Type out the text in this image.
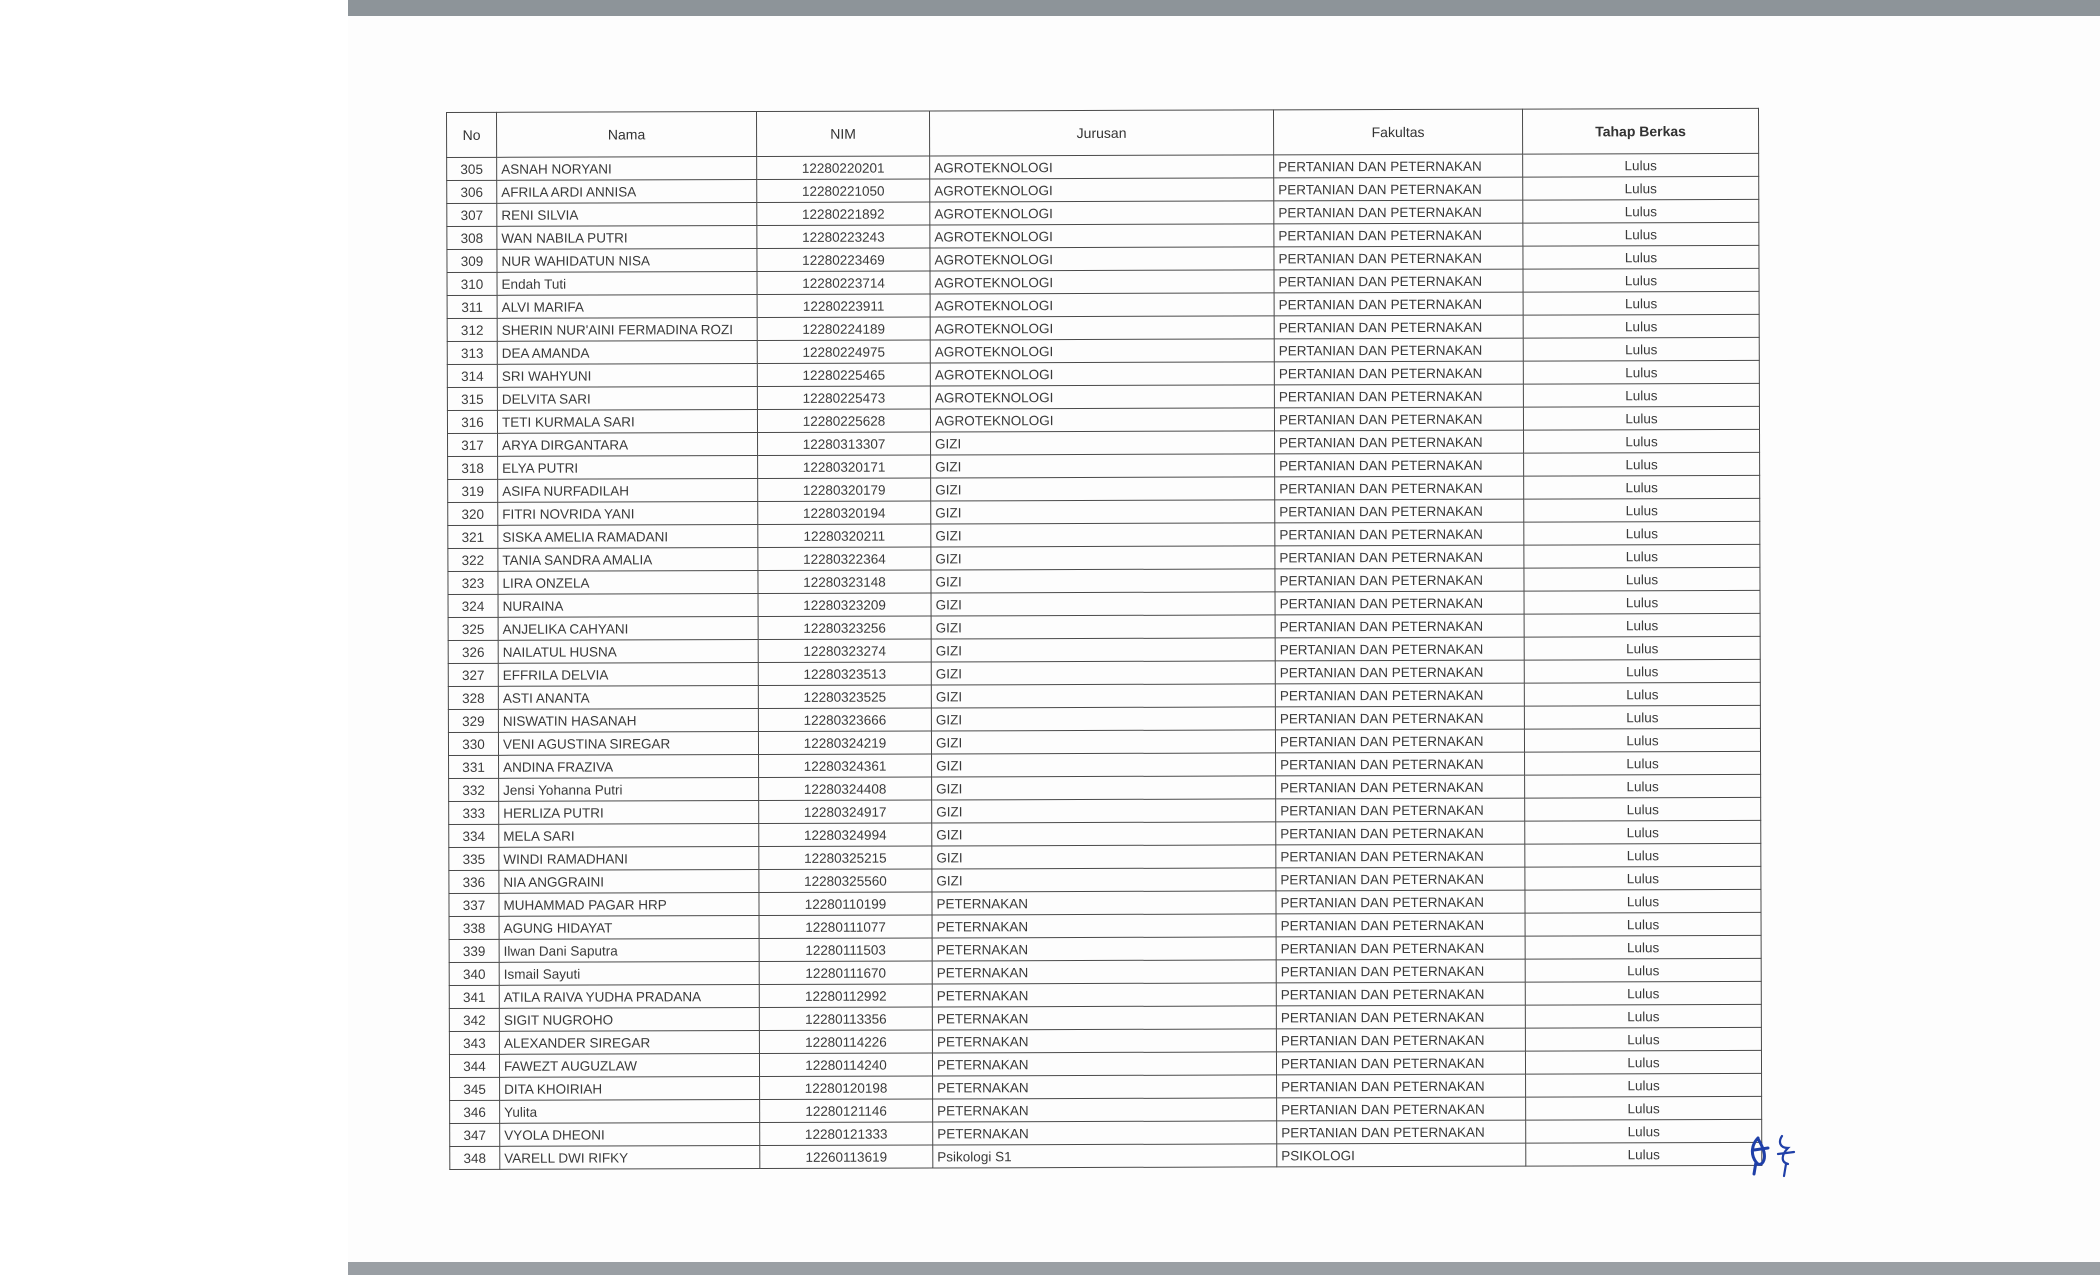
No	Nama	NIM	Jurusan	Fakultas	Tahap Berkas
305	ASNAH NORYANI	12280220201	AGROTEKNOLOGI	PERTANIAN DAN PETERNAKAN	Lulus
306	AFRILA ARDI ANNISA	12280221050	AGROTEKNOLOGI	PERTANIAN DAN PETERNAKAN	Lulus
307	RENI SILVIA	12280221892	AGROTEKNOLOGI	PERTANIAN DAN PETERNAKAN	Lulus
308	WAN NABILA PUTRI	12280223243	AGROTEKNOLOGI	PERTANIAN DAN PETERNAKAN	Lulus
309	NUR WAHIDATUN NISA	12280223469	AGROTEKNOLOGI	PERTANIAN DAN PETERNAKAN	Lulus
310	Endah Tuti	12280223714	AGROTEKNOLOGI	PERTANIAN DAN PETERNAKAN	Lulus
311	ALVI MARIFA	12280223911	AGROTEKNOLOGI	PERTANIAN DAN PETERNAKAN	Lulus
312	SHERIN NUR'AINI FERMADINA ROZI	12280224189	AGROTEKNOLOGI	PERTANIAN DAN PETERNAKAN	Lulus
313	DEA AMANDA	12280224975	AGROTEKNOLOGI	PERTANIAN DAN PETERNAKAN	Lulus
314	SRI WAHYUNI	12280225465	AGROTEKNOLOGI	PERTANIAN DAN PETERNAKAN	Lulus
315	DELVITA SARI	12280225473	AGROTEKNOLOGI	PERTANIAN DAN PETERNAKAN	Lulus
316	TETI KURMALA SARI	12280225628	AGROTEKNOLOGI	PERTANIAN DAN PETERNAKAN	Lulus
317	ARYA DIRGANTARA	12280313307	GIZI	PERTANIAN DAN PETERNAKAN	Lulus
318	ELYA PUTRI	12280320171	GIZI	PERTANIAN DAN PETERNAKAN	Lulus
319	ASIFA NURFADILAH	12280320179	GIZI	PERTANIAN DAN PETERNAKAN	Lulus
320	FITRI NOVRIDA YANI	12280320194	GIZI	PERTANIAN DAN PETERNAKAN	Lulus
321	SISKA AMELIA RAMADANI	12280320211	GIZI	PERTANIAN DAN PETERNAKAN	Lulus
322	TANIA SANDRA AMALIA	12280322364	GIZI	PERTANIAN DAN PETERNAKAN	Lulus
323	LIRA ONZELA	12280323148	GIZI	PERTANIAN DAN PETERNAKAN	Lulus
324	NURAINA	12280323209	GIZI	PERTANIAN DAN PETERNAKAN	Lulus
325	ANJELIKA CAHYANI	12280323256	GIZI	PERTANIAN DAN PETERNAKAN	Lulus
326	NAILATUL HUSNA	12280323274	GIZI	PERTANIAN DAN PETERNAKAN	Lulus
327	EFFRILA DELVIA	12280323513	GIZI	PERTANIAN DAN PETERNAKAN	Lulus
328	ASTI ANANTA	12280323525	GIZI	PERTANIAN DAN PETERNAKAN	Lulus
329	NISWATIN HASANAH	12280323666	GIZI	PERTANIAN DAN PETERNAKAN	Lulus
330	VENI AGUSTINA SIREGAR	12280324219	GIZI	PERTANIAN DAN PETERNAKAN	Lulus
331	ANDINA FRAZIVA	12280324361	GIZI	PERTANIAN DAN PETERNAKAN	Lulus
332	Jensi Yohanna Putri	12280324408	GIZI	PERTANIAN DAN PETERNAKAN	Lulus
333	HERLIZA PUTRI	12280324917	GIZI	PERTANIAN DAN PETERNAKAN	Lulus
334	MELA SARI	12280324994	GIZI	PERTANIAN DAN PETERNAKAN	Lulus
335	WINDI RAMADHANI	12280325215	GIZI	PERTANIAN DAN PETERNAKAN	Lulus
336	NIA ANGGRAINI	12280325560	GIZI	PERTANIAN DAN PETERNAKAN	Lulus
337	MUHAMMAD PAGAR HRP	12280110199	PETERNAKAN	PERTANIAN DAN PETERNAKAN	Lulus
338	AGUNG HIDAYAT	12280111077	PETERNAKAN	PERTANIAN DAN PETERNAKAN	Lulus
339	Ilwan Dani Saputra	12280111503	PETERNAKAN	PERTANIAN DAN PETERNAKAN	Lulus
340	Ismail Sayuti	12280111670	PETERNAKAN	PERTANIAN DAN PETERNAKAN	Lulus
341	ATILA RAIVA YUDHA PRADANA	12280112992	PETERNAKAN	PERTANIAN DAN PETERNAKAN	Lulus
342	SIGIT NUGROHO	12280113356	PETERNAKAN	PERTANIAN DAN PETERNAKAN	Lulus
343	ALEXANDER SIREGAR	12280114226	PETERNAKAN	PERTANIAN DAN PETERNAKAN	Lulus
344	FAWEZT AUGUZLAW	12280114240	PETERNAKAN	PERTANIAN DAN PETERNAKAN	Lulus
345	DITA KHOIRIAH	12280120198	PETERNAKAN	PERTANIAN DAN PETERNAKAN	Lulus
346	Yulita	12280121146	PETERNAKAN	PERTANIAN DAN PETERNAKAN	Lulus
347	VYOLA DHEONI	12280121333	PETERNAKAN	PERTANIAN DAN PETERNAKAN	Lulus
348	VARELL DWI RIFKY	12260113619	Psikologi S1	PSIKOLOGI	Lulus
